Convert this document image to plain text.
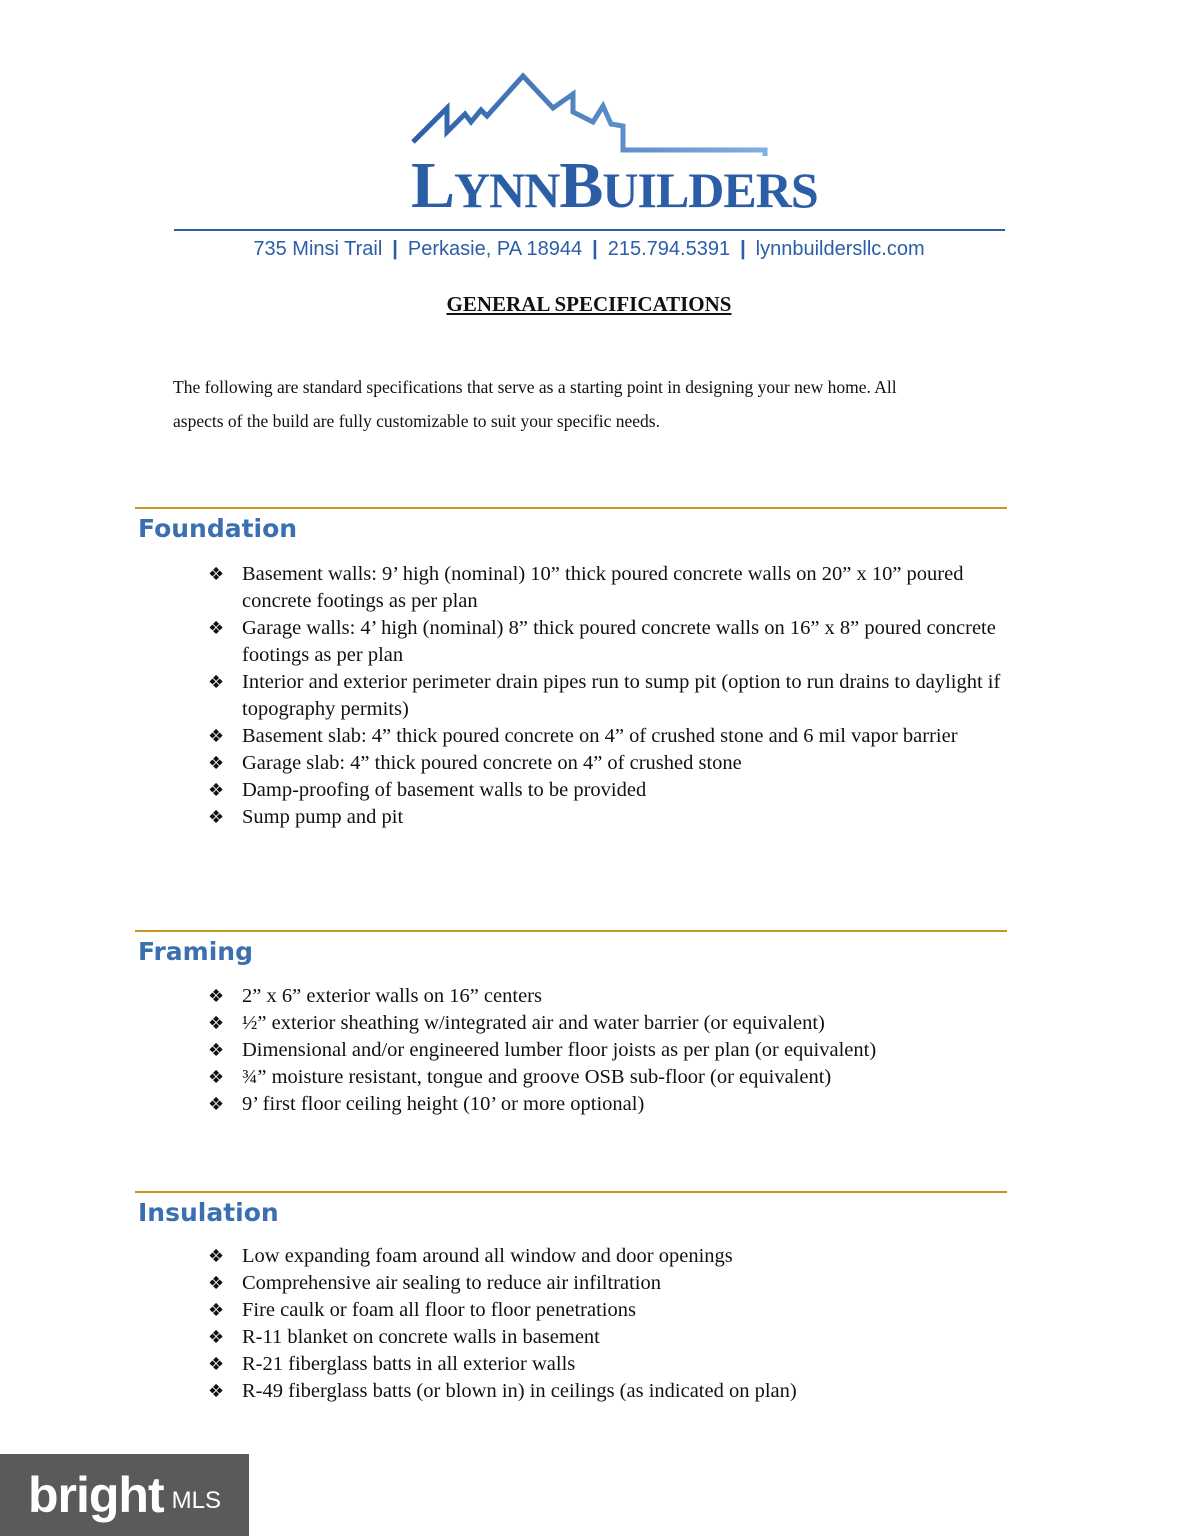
LYNNBUILDERS
735 Minsi Trail | Perkasie, PA 18944 | 215.794.5391 | lynnbuildersllc.com
GENERAL SPECIFICATIONS
The following are standard specifications that serve as a starting point in designing your new home. All
aspects of the build are fully customizable to suit your specific needs.
Foundation
❖ Basement walls: 9’ high (nominal) 10” thick poured concrete walls on 20” x 10” poured concrete footings as per plan
❖ Garage walls: 4’ high (nominal) 8” thick poured concrete walls on 16” x 8” poured concrete footings as per plan
❖ Interior and exterior perimeter drain pipes run to sump pit (option to run drains to daylight if topography permits)
❖ Basement slab: 4” thick poured concrete on 4” of crushed stone and 6 mil vapor barrier
❖ Garage slab: 4” thick poured concrete on 4” of crushed stone
❖ Damp-proofing of basement walls to be provided
❖ Sump pump and pit
Framing
❖ 2” x 6” exterior walls on 16” centers
❖ ½” exterior sheathing w/integrated air and water barrier (or equivalent)
❖ Dimensional and/or engineered lumber floor joists as per plan (or equivalent)
❖ ¾” moisture resistant, tongue and groove OSB sub-floor (or equivalent)
❖ 9’ first floor ceiling height (10’ or more optional)
Insulation
❖ Low expanding foam around all window and door openings
❖ Comprehensive air sealing to reduce air infiltration
❖ Fire caulk or foam all floor to floor penetrations
❖ R-11 blanket on concrete walls in basement
❖ R-21 fiberglass batts in all exterior walls
❖ R-49 fiberglass batts (or blown in) in ceilings (as indicated on plan)
bright MLS
